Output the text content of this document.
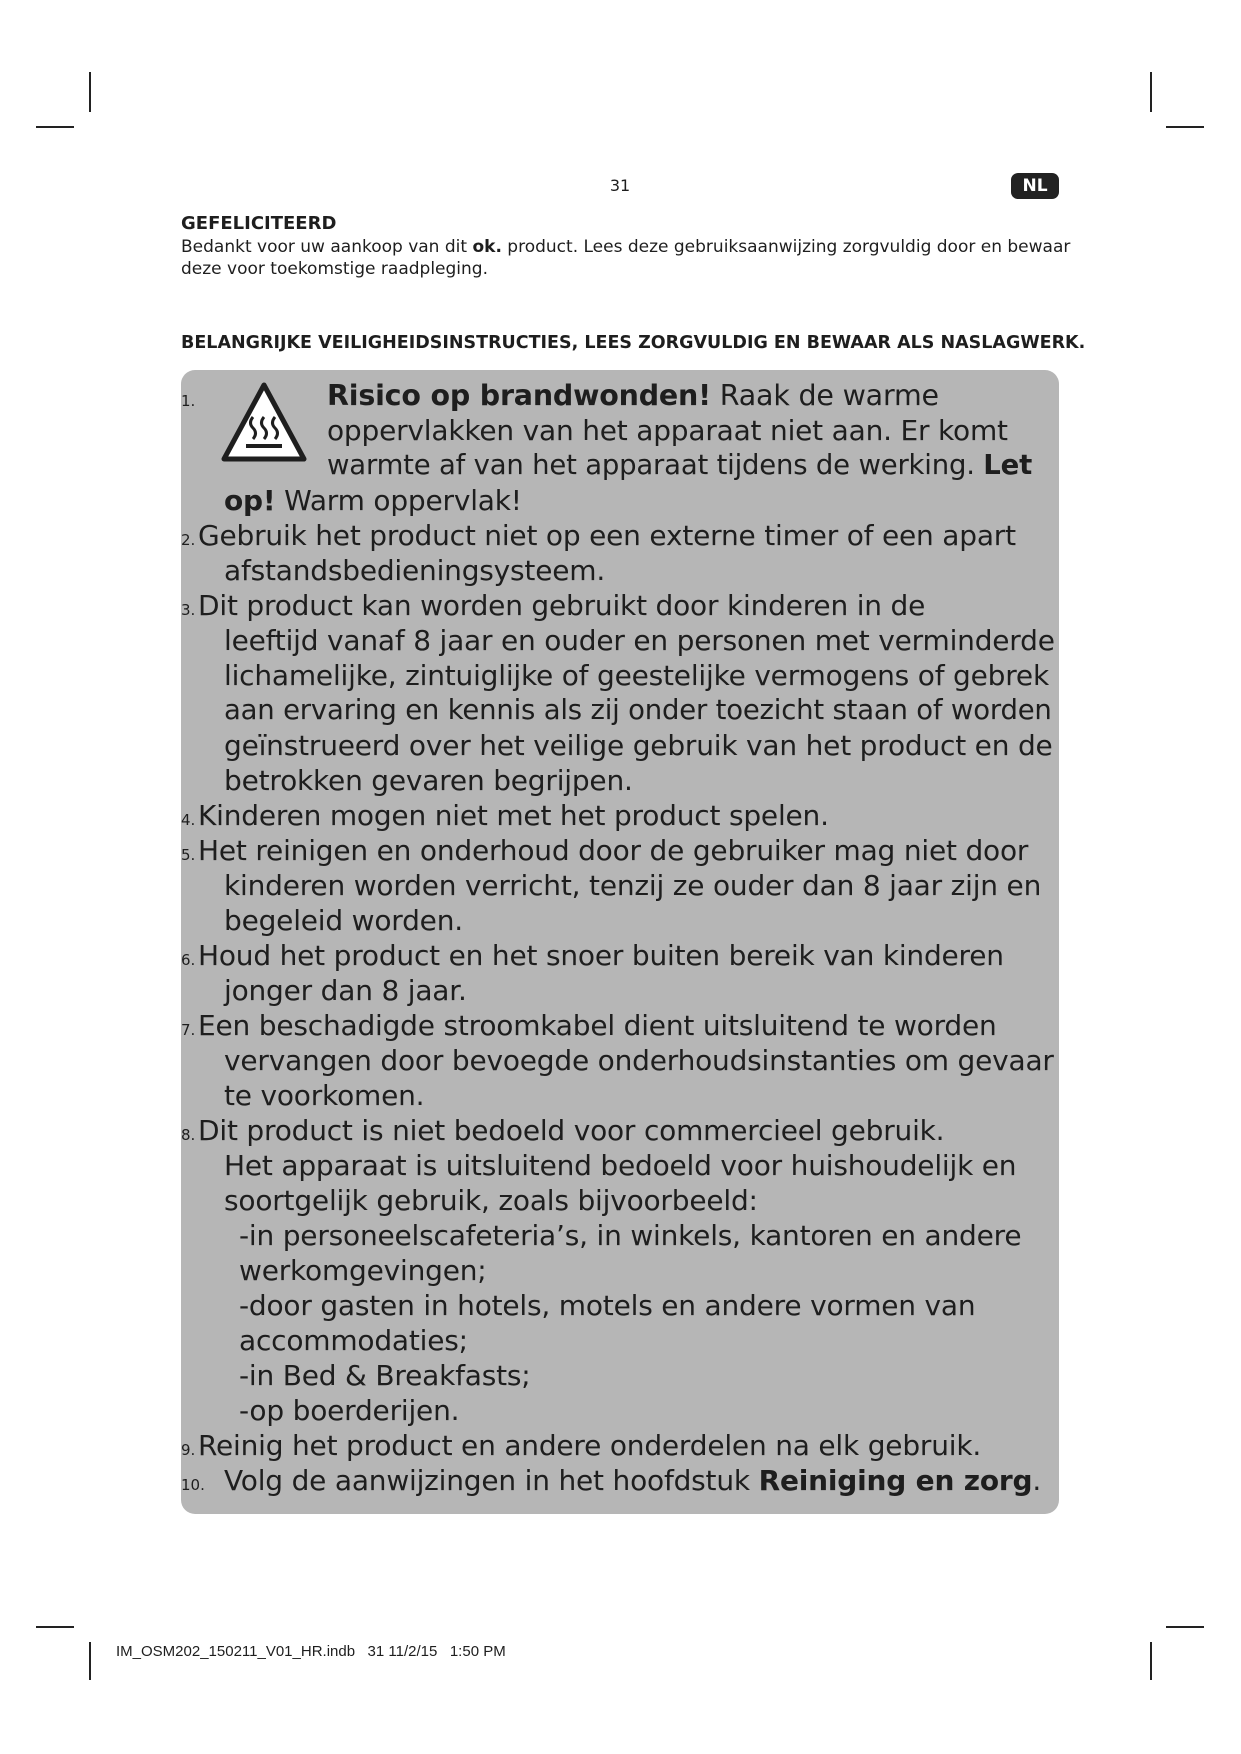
31	NL
GEFELICITEERD
Bedankt voor uw aankoop van dit ok. product. Lees deze gebruiksaanwijzing zorgvuldig door en bewaar deze voor toekomstige raadpleging.
BELANGRIJKE VEILIGHEIDSINSTRUCTIES, LEES ZORGVULDIG EN BEWAAR ALS NASLAGWERK.
1.	Risico op brandwonden! Raak de warme
oppervlakken van het apparaat niet aan. Er komt
warmte af van het apparaat tijdens de werking. Let
op! Warm oppervlak!
2. Gebruik het product niet op een externe timer of een apart
afstandsbedieningsysteem.
3. Dit product kan worden gebruikt door kinderen in de
leeftijd vanaf 8 jaar en ouder en personen met verminderde
lichamelijke, zintuiglijke of geestelijke vermogens of gebrek
aan ervaring en kennis als zij onder toezicht staan of worden
geïnstrueerd over het veilige gebruik van het product en de
betrokken gevaren begrijpen.
4. Kinderen mogen niet met het product spelen.
5. Het reinigen en onderhoud door de gebruiker mag niet door
kinderen worden verricht, tenzij ze ouder dan 8 jaar zijn en
begeleid worden.
6. Houd het product en het snoer buiten bereik van kinderen
jonger dan 8 jaar.
7. Een beschadigde stroomkabel dient uitsluitend te worden
vervangen door bevoegde onderhoudsinstanties om gevaar
te voorkomen.
8. Dit product is niet bedoeld voor commercieel gebruik.
Het apparaat is uitsluitend bedoeld voor huishoudelijk en
soortgelijk gebruik, zoals bijvoorbeeld:
-in personeelscafeteria’s, in winkels, kantoren en andere
werkomgevingen;
-door gasten in hotels, motels en andere vormen van
accommodaties;
-in Bed & Breakfasts;
-op boerderijen.
9. Reinig het product en andere onderdelen na elk gebruik.
10. Volg de aanwijzingen in het hoofdstuk Reiniging en zorg.
IM_OSM202_150211_V01_HR.indb   31 11/2/15   1:50 PM
